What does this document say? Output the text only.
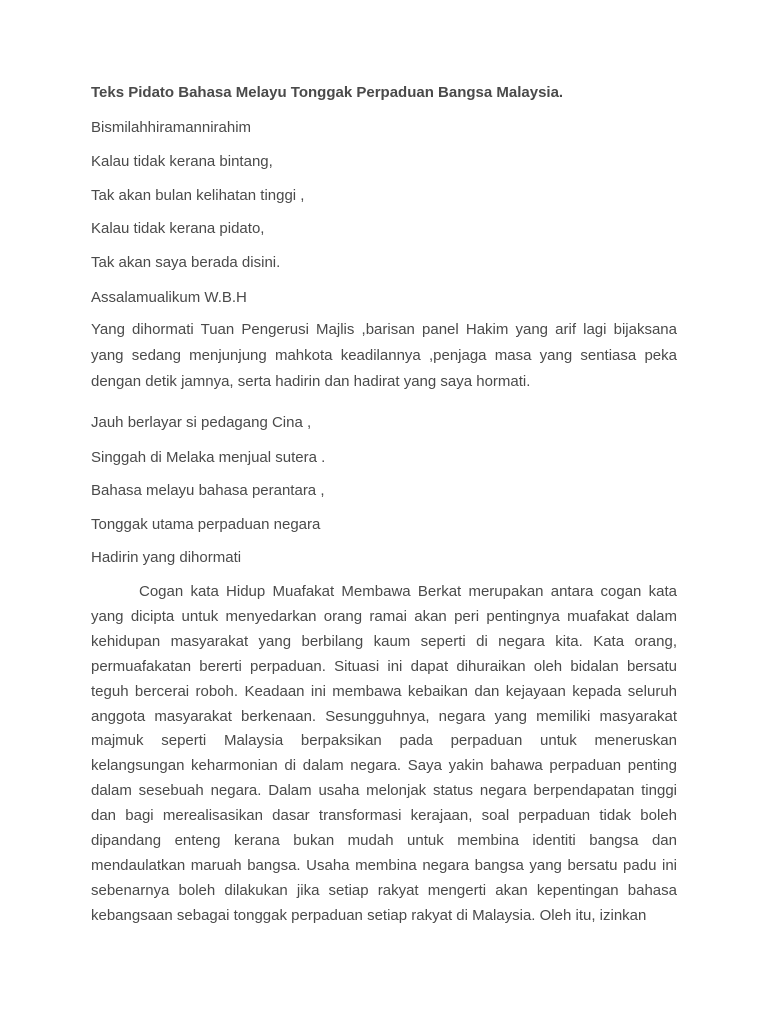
Teks Pidato Bahasa Melayu Tonggak Perpaduan Bangsa Malaysia.

Bismilahhiramannirahim

Kalau tidak kerana bintang,

Tak akan bulan kelihatan tinggi ,

Kalau tidak kerana pidato,

Tak akan saya berada disini.

Assalamualikum W.B.H

Yang dihormati Tuan Pengerusi Majlis ,barisan panel Hakim yang arif lagi bijaksana yang sedang menjunjung mahkota keadilannya ,penjaga masa yang sentiasa peka dengan detik jamnya, serta hadirin dan hadirat yang saya hormati.

Jauh berlayar si pedagang Cina ,

Singgah di Melaka menjual sutera .

Bahasa melayu bahasa perantara ,

Tonggak utama perpaduan negara

Hadirin yang dihormati

Cogan kata Hidup Muafakat Membawa Berkat merupakan antara cogan kata yang dicipta untuk menyedarkan orang ramai akan peri pentingnya muafakat dalam kehidupan masyarakat yang berbilang kaum seperti di negara kita. Kata orang, permuafakatan bererti perpaduan. Situasi ini dapat dihuraikan oleh bidalan bersatu teguh bercerai roboh. Keadaan ini membawa kebaikan dan kejayaan kepada seluruh anggota masyarakat berkenaan. Sesungguhnya, negara yang memiliki masyarakat majmuk seperti Malaysia berpaksikan pada perpaduan untuk meneruskan kelangsungan keharmonian di dalam negara. Saya yakin bahawa perpaduan penting dalam sesebuah negara. Dalam usaha melonjak status negara berpendapatan tinggi dan bagi merealisasikan dasar transformasi kerajaan, soal perpaduan tidak boleh dipandang enteng kerana bukan mudah untuk membina identiti bangsa dan mendaulatkan maruah bangsa. Usaha membina negara bangsa yang bersatu padu ini sebenarnya boleh dilakukan jika setiap rakyat mengerti akan kepentingan bahasa kebangsaan sebagai tonggak perpaduan setiap rakyat di Malaysia. Oleh itu, izinkan
